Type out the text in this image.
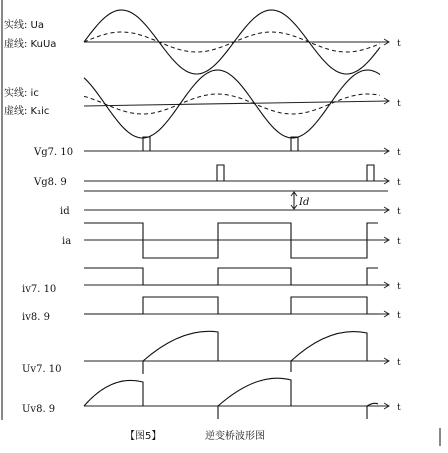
实线: Ua
虚线: KuUa	t
实线: ic
虚线: K₁ic
t
Vg7. 10	t
Vg8. 9	t
Id
id	t
ia	t
iv7. 10	t
iv8. 9	t
Uv7. 10
t
Uv8. 9	t
【图5】	逆变桥波形图
